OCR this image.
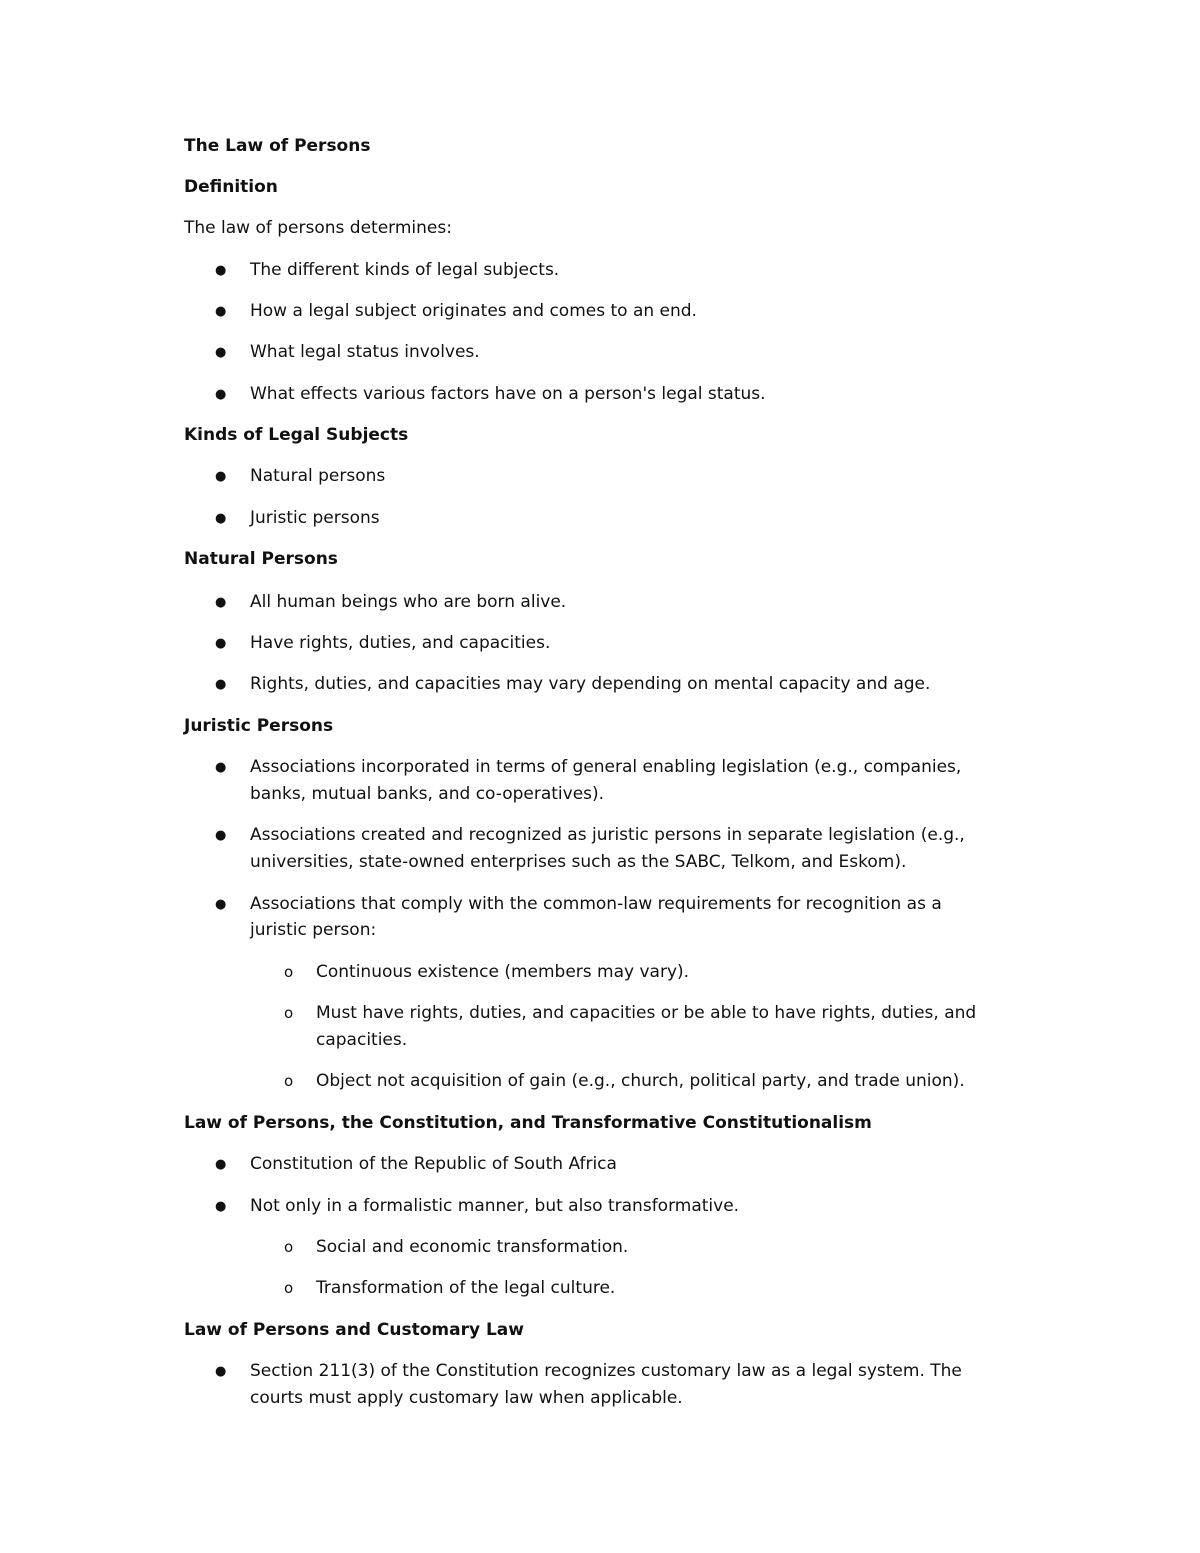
The Law of Persons
Definition
The law of persons determines:
● The different kinds of legal subjects.
● How a legal subject originates and comes to an end.
● What legal status involves.
● What effects various factors have on a person's legal status.
Kinds of Legal Subjects
● Natural persons
● Juristic persons
Natural Persons
● All human beings who are born alive.
● Have rights, duties, and capacities.
● Rights, duties, and capacities may vary depending on mental capacity and age.
Juristic Persons
● Associations incorporated in terms of general enabling legislation (e.g., companies,
banks, mutual banks, and co-operatives).
● Associations created and recognized as juristic persons in separate legislation (e.g.,
universities, state-owned enterprises such as the SABC, Telkom, and Eskom).
● Associations that comply with the common-law requirements for recognition as a
juristic person:
o Continuous existence (members may vary).
o Must have rights, duties, and capacities or be able to have rights, duties, and
capacities.
o Object not acquisition of gain (e.g., church, political party, and trade union).
Law of Persons, the Constitution, and Transformative Constitutionalism
● Constitution of the Republic of South Africa
● Not only in a formalistic manner, but also transformative.
o Social and economic transformation.
o Transformation of the legal culture.
Law of Persons and Customary Law
● Section 211(3) of the Constitution recognizes customary law as a legal system. The
courts must apply customary law when applicable.
